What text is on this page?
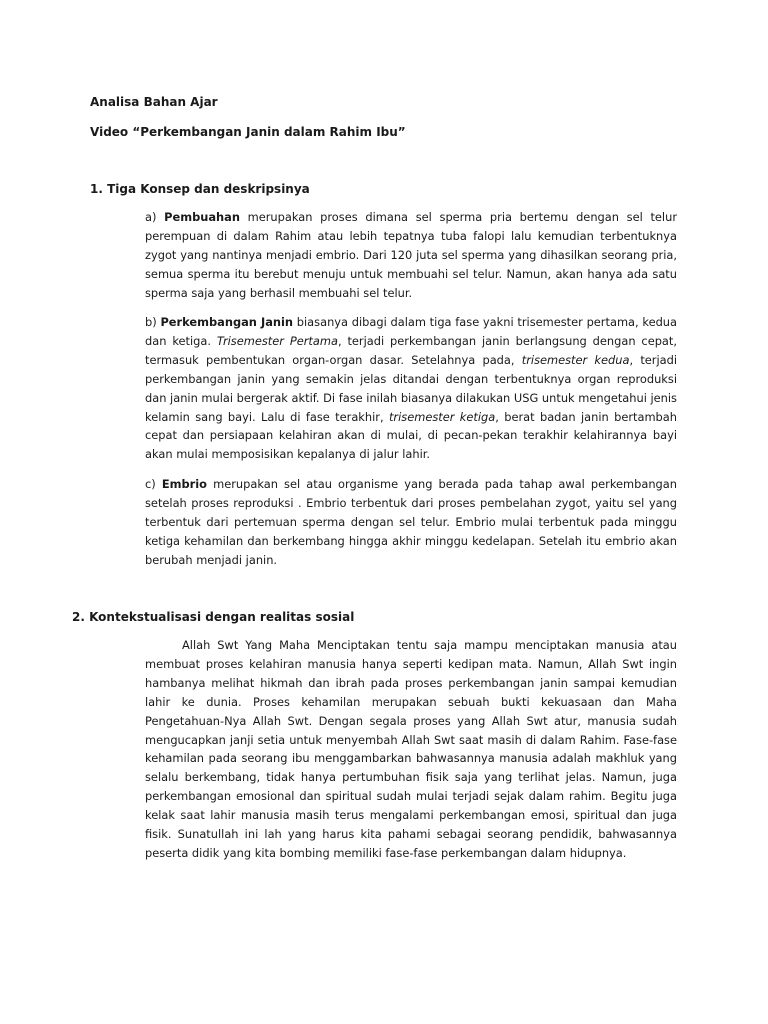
Analisa Bahan Ajar
Video “Perkembangan Janin dalam Rahim Ibu”
1. Tiga Konsep dan deskripsinya

a) Pembuahan merupakan proses dimana sel sperma pria bertemu dengan sel telur perempuan di dalam Rahim atau lebih tepatnya tuba falopi lalu kemudian terbentuknya zygot yang nantinya menjadi embrio. Dari 120 juta sel sperma yang dihasilkan seorang pria, semua sperma itu berebut menuju untuk membuahi sel telur. Namun, akan hanya ada satu sperma saja yang berhasil membuahi sel telur.

b) Perkembangan Janin biasanya dibagi dalam tiga fase yakni trisemester pertama, kedua dan ketiga. Trisemester Pertama, terjadi perkembangan janin berlangsung dengan cepat, termasuk pembentukan organ-organ dasar. Setelahnya pada, trisemester kedua, terjadi perkembangan janin yang semakin jelas ditandai dengan terbentuknya organ reproduksi dan janin mulai bergerak aktif. Di fase inilah biasanya dilakukan USG untuk mengetahui jenis kelamin sang bayi. Lalu di fase terakhir, trisemester ketiga, berat badan janin bertambah cepat dan persiapaan kelahiran akan di mulai, di pecan-pekan terakhir kelahirannya bayi akan mulai memposisikan kepalanya di jalur lahir.

c) Embrio merupakan sel atau organisme yang berada pada tahap awal perkembangan setelah proses reproduksi . Embrio terbentuk dari proses pembelahan zygot, yaitu sel yang terbentuk dari pertemuan sperma dengan sel telur. Embrio mulai terbentuk pada minggu ketiga kehamilan dan berkembang hingga akhir minggu kedelapan. Setelah itu embrio akan berubah menjadi janin.

2. Kontekstualisasi dengan realitas sosial

Allah Swt Yang Maha Menciptakan tentu saja mampu menciptakan manusia atau membuat proses kelahiran manusia hanya seperti kedipan mata. Namun, Allah Swt ingin hambanya melihat hikmah dan ibrah pada proses perkembangan janin sampai kemudian lahir ke dunia. Proses kehamilan merupakan sebuah bukti kekuasaan dan Maha Pengetahuan-Nya Allah Swt. Dengan segala proses yang Allah Swt atur, manusia sudah mengucapkan janji setia untuk menyembah Allah Swt saat masih di dalam Rahim. Fase-fase kehamilan pada seorang ibu menggambarkan bahwasannya manusia adalah makhluk yang selalu berkembang, tidak hanya pertumbuhan fisik saja yang terlihat jelas. Namun, juga perkembangan emosional dan spiritual sudah mulai terjadi sejak dalam rahim. Begitu juga kelak saat lahir manusia masih terus mengalami perkembangan emosi, spiritual dan juga fisik. Sunatullah ini lah yang harus kita pahami sebagai seorang pendidik, bahwasannya peserta didik yang kita bombing memiliki fase-fase perkembangan dalam hidupnya.
